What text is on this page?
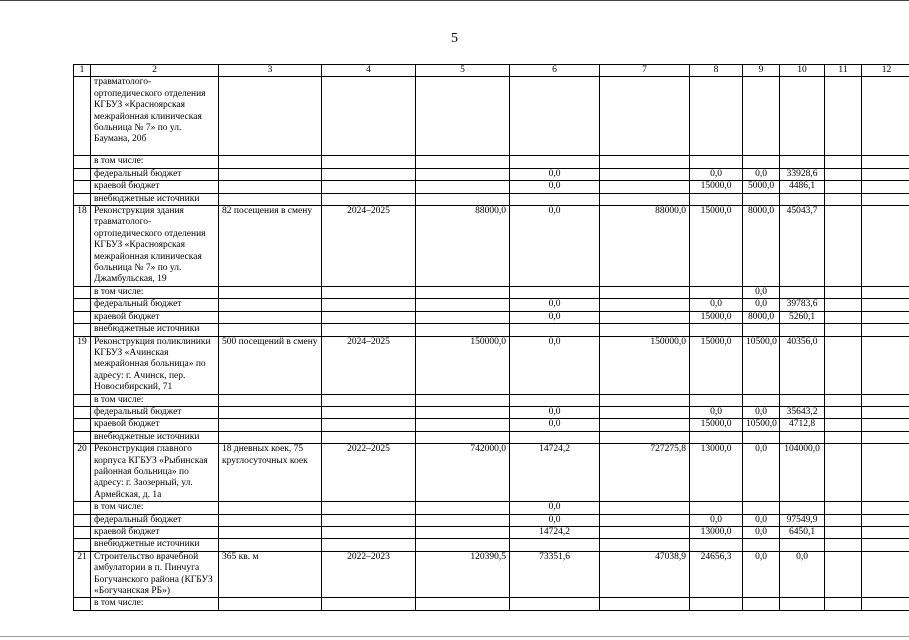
5
1	2	3	4	5	6	7	8	9	10	11	12
	травматолого-ортопедического отделения КГБУЗ «Красноярская межрайонная клиническая больница № 7» по ул. Баумана, 20б										
	в том числе:										
	федеральный бюджет				0,0		0,0	0,0	33928,6		
	краевой бюджет				0,0		15000,0	5000,0	4486,1		
	внебюджетные источники										
18	Реконструкция здания травматолого-ортопедического отделения КГБУЗ «Красноярская межрайонная клиническая больница № 7» по ул. Джамбульская, 19	82 посещения в смену	2024–2025	88000,0	0,0	88000,0	15000,0	8000,0	45043,7		
	в том числе:							0,0			
	федеральный бюджет				0,0		0,0	0,0	39783,6		
	краевой бюджет				0,0		15000,0	8000,0	5260,1		
	внебюджетные источники										
19	Реконструкция поликлиники КГБУЗ «Ачинская межрайонная больница» по адресу: г. Ачинск, пер. Новосибирский, 71	500 посещений в смену	2024–2025	150000,0	0,0	150000,0	15000,0	10500,0	40356,0		
	в том числе:										
	федеральный бюджет				0,0		0,0	0,0	35643,2		
	краевой бюджет				0,0		15000,0	10500,0	4712,8		
	внебюджетные источники										
20	Реконструкция главного корпуса КГБУЗ «Рыбинская районная больница» по адресу: г. Заозерный, ул. Армейская, д. 1а	18 дневных коек, 75 круглосуточных коек	2022–2025	742000,0	14724,2	727275,8	13000,0	0,0	104000,0		
	в том числе:				0,0						
	федеральный бюджет				0,0		0,0	0,0	97549,9		
	краевой бюджет				14724,2		13000,0	0,0	6450,1		
	внебюджетные источники										
21	Строительство врачебной амбулатории в п. Пинчуга Богучанского района (КГБУЗ «Богучанская РБ»)	365 кв. м	2022–2023	120390,5	73351,6	47038,9	24656,3	0,0	0,0		
	в том числе:										
